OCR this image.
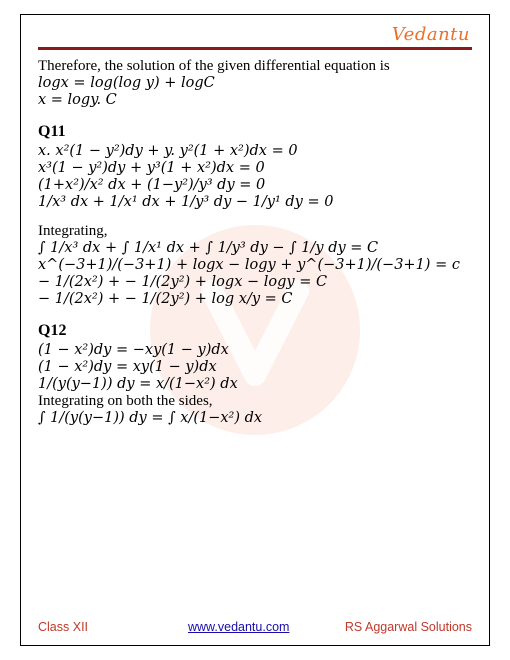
Vedantu
Therefore, the solution of the given differential equation is
logx = log(log y) + logC
x = logy. C
Q11
x. x²(1 − y²)dy + y. y²(1 + x²)dx = 0
x³(1 − y²)dy + y³(1 + x²)dx = 0
(1+x²)/x² dx + (1−y²)/y³ dy = 0
1/x³ dx + 1/x¹ dx + 1/y³ dy − 1/y¹ dy = 0
Integrating,
∫ 1/x³ dx + ∫ 1/x¹ dx + ∫ 1/y³ dy − ∫ 1/y dy = C
x^(−3+1)/(−3+1) + logx − logy + y^(−3+1)/(−3+1) = c
− 1/(2x²) + − 1/(2y²) + logx − logy = C
− 1/(2x²) + − 1/(2y²) + log x/y = C
Q12
(1 − x²)dy = −xy(1 − y)dx
(1 − x²)dy = xy(1 − y)dx
1/(y(y−1)) dy = x/(1−x²) dx
Integrating on both the sides,
∫ 1/(y(y−1)) dy = ∫ x/(1−x²) dx
Class XII	www.vedantu.com	RS Aggarwal Solutions
